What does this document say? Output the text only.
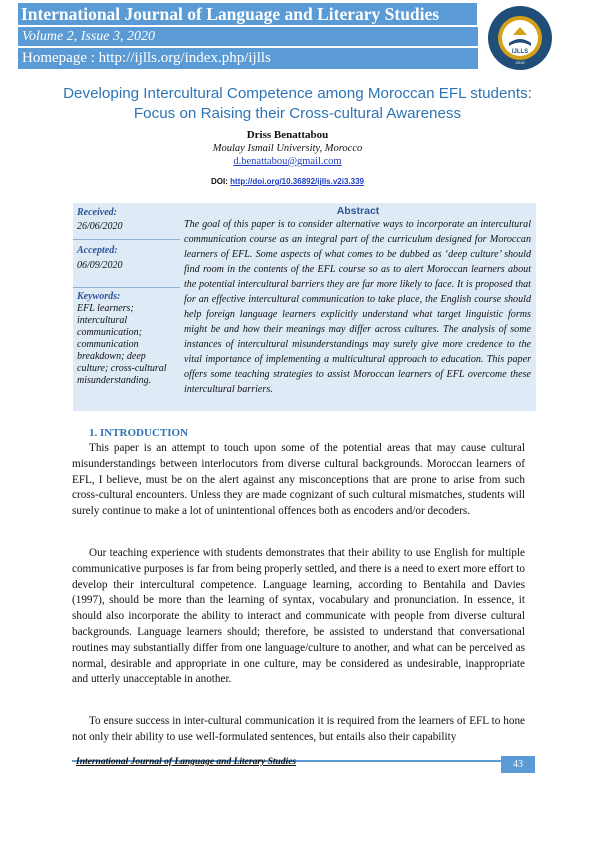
International Journal of Language and Literary Studies
Volume 2, Issue 3, 2020
Homepage : http://ijlls.org/index.php/ijlls	IJLLS
2019
Developing Intercultural Competence among Moroccan EFL students:
Focus on Raising their Cross-cultural Awareness
Driss Benattabou
Moulay Ismail University, Morocco
d.benattabou@gmail.com
DOI: http://doi.org/10.36892/ijlls.v2i3.339
Received:
26/06/2020
Accepted:
06/09/2020
Keywords:
EFL learners; intercultural communication; communication breakdown; deep culture; cross-cultural misunderstanding.
Abstract
The goal of this paper is to consider alternative ways to incorporate an intercultural communication course as an integral part of the curriculum designed for Moroccan learners of EFL. Some aspects of what comes to be dubbed as ‘deep culture’ should find room in the contents of the EFL course so as to alert Moroccan learners about the potential intercultural barriers they are far more likely to face. It is proposed that for an effective intercultural communication to take place, the English course should help foreign language learners explicitly understand what target linguistic forms might be and how their meanings may differ across cultures. The analysis of some instances of intercultural misunderstandings may surely give more credence to the vital importance of implementing a multicultural approach to education. This paper offers some teaching strategies to assist Moroccan learners of EFL overcome these intercultural barriers.
1. INTRODUCTION
This paper is an attempt to touch upon some of the potential areas that may cause cultural misunderstandings between interlocutors from diverse cultural backgrounds. Moroccan learners of EFL, I believe, must be on the alert against any misconceptions that are prone to arise from such cross-cultural encounters. Unless they are made cognizant of such cultural mismatches, students will surely continue to make a lot of unintentional offences both as encoders and/or decoders.
Our teaching experience with students demonstrates that their ability to use English for multiple communicative purposes is far from being properly settled, and there is a need to exert more effort to develop their intercultural competence. Language learning, according to Bentahila and Davies (1997), should be more than the learning of syntax, vocabulary and pronunciation. In essence, it should also incorporate the ability to interact and communicate with people from diverse cultural backgrounds. Language learners should; therefore, be assisted to understand that conversational routines may substantially differ from one language/culture to another, and what can be perceived as normal, desirable and appropriate in one culture, may be considered as undesirable, inappropriate and utterly unacceptable in another.
To ensure success in inter-cultural communication it is required from the learners of EFL to hone not only their ability to use well-formulated sentences, but entails also their capability
International Journal of Language and Literary Studies	43
